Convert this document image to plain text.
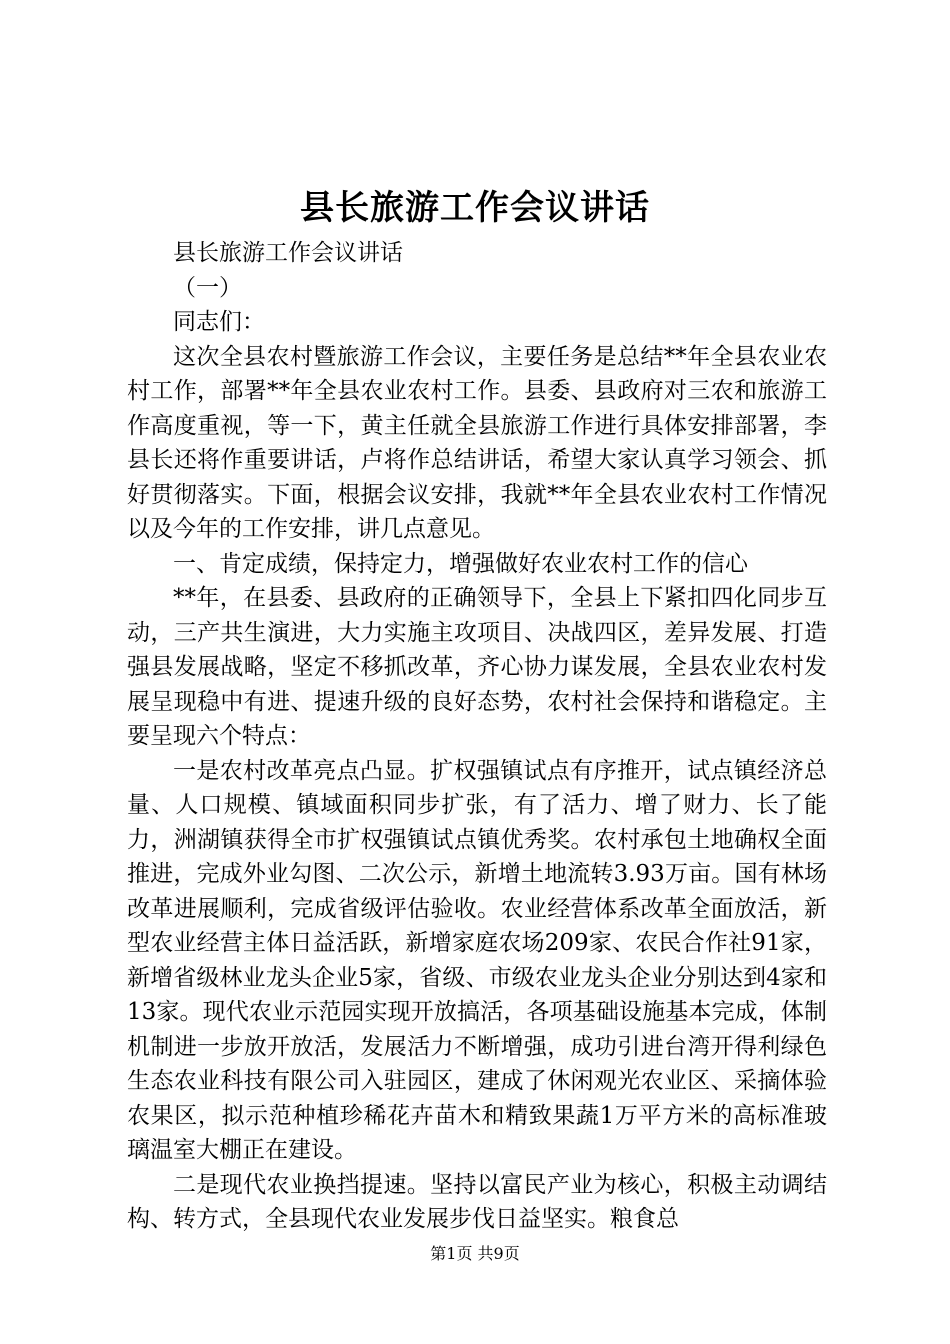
县长旅游工作会议讲话

县长旅游工作会议讲话

（一）

同志们：

这次全县农村暨旅游工作会议，主要任务是总结**年全县农业农村工作，部署**年全县农业农村工作。县委、县政府对三农和旅游工作高度重视，等一下，黄主任就全县旅游工作进行具体安排部署，李县长还将作重要讲话，卢将作总结讲话，希望大家认真学习领会、抓好贯彻落实。下面，根据会议安排，我就**年全县农业农村工作情况以及今年的工作安排，讲几点意见。

一、肯定成绩，保持定力，增强做好农业农村工作的信心

**年，在县委、县政府的正确领导下，全县上下紧扣四化同步互动，三产共生演进，大力实施主攻项目、决战四区，差异发展、打造强县发展战略，坚定不移抓改革，齐心协力谋发展，全县农业农村发展呈现稳中有进、提速升级的良好态势，农村社会保持和谐稳定。主要呈现六个特点：

一是农村改革亮点凸显。扩权强镇试点有序推开，试点镇经济总量、人口规模、镇域面积同步扩张，有了活力、增了财力、长了能力，洲湖镇获得全市扩权强镇试点镇优秀奖。农村承包土地确权全面推进，完成外业勾图、二次公示，新增土地流转3.93万亩。国有林场改革进展顺利，完成省级评估验收。农业经营体系改革全面放活，新型农业经营主体日益活跃，新增家庭农场209家、农民合作社91家，新增省级林业龙头企业5家，省级、市级农业龙头企业分别达到4家和13家。现代农业示范园实现开放搞活，各项基础设施基本完成，体制机制进一步放开放活，发展活力不断增强，成功引进台湾开得利绿色生态农业科技有限公司入驻园区，建成了休闲观光农业区、采摘体验农果区，拟示范种植珍稀花卉苗木和精致果蔬1万平方米的高标准玻璃温室大棚正在建设。

二是现代农业换挡提速。坚持以富民产业为核心，积极主动调结构、转方式，全县现代农业发展步伐日益坚实。粮食总

第1页 共9页
